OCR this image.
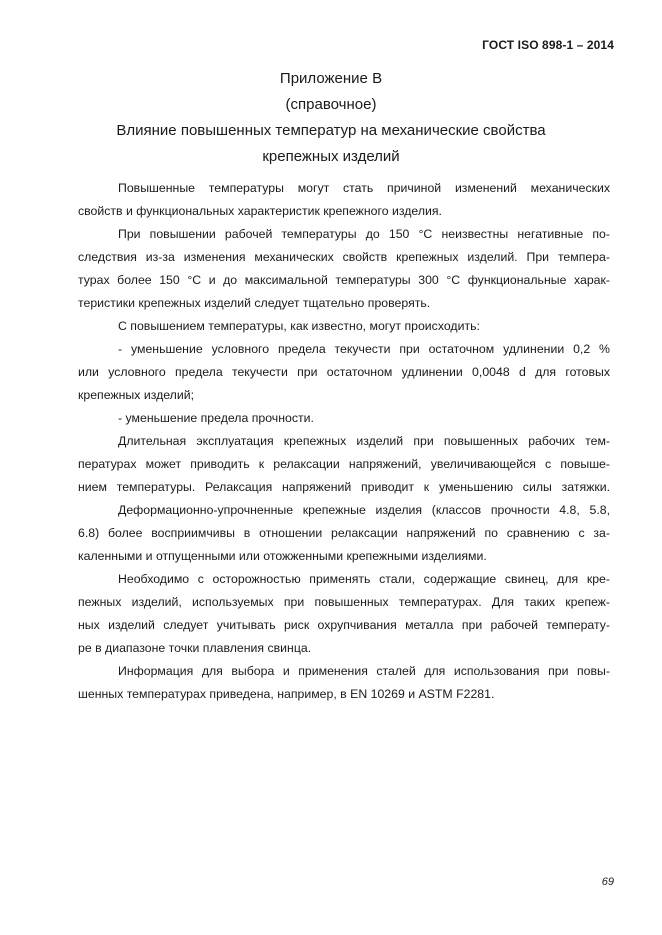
ГОСТ ISO 898-1 – 2014
Приложение В
(справочное)
Влияние повышенных температур на механические свойства
крепежных изделий
Повышенные температуры могут стать причиной изменений механических
свойств и функциональных характеристик крепежного изделия.
При повышении рабочей температуры до 150 °С неизвестны негативные по-
следствия из-за изменения механических свойств крепежных изделий. При темпера-
турах более 150 °С и до максимальной температуры 300 °С функциональные харак-
теристики крепежных изделий следует тщательно проверять.
С повышением температуры, как известно, могут происходить:
- уменьшение условного предела текучести при остаточном удлинении 0,2 %
или условного предела текучести при остаточном удлинении 0,0048 d для готовых
крепежных изделий;
- уменьшение предела прочности.
Длительная эксплуатация крепежных изделий при повышенных рабочих тем-
пературах может приводить к релаксации напряжений, увеличивающейся с повыше-
нием температуры. Релаксация напряжений приводит к уменьшению силы затяжки.
Деформационно-упрочненные крепежные изделия (классов прочности 4.8, 5.8,
6.8) более восприимчивы в отношении релаксации напряжений по сравнению с за-
каленными и отпущенными или отожженными крепежными изделиями.
Необходимо с осторожностью применять стали, содержащие свинец, для кре-
пежных изделий, используемых при повышенных температурах. Для таких крепеж-
ных изделий следует учитывать риск охрупчивания металла при рабочей температу-
ре в диапазоне точки плавления свинца.
Информация для выбора и применения сталей для использования при повы-
шенных температурах приведена, например, в EN 10269 и ASTM F2281.
69
